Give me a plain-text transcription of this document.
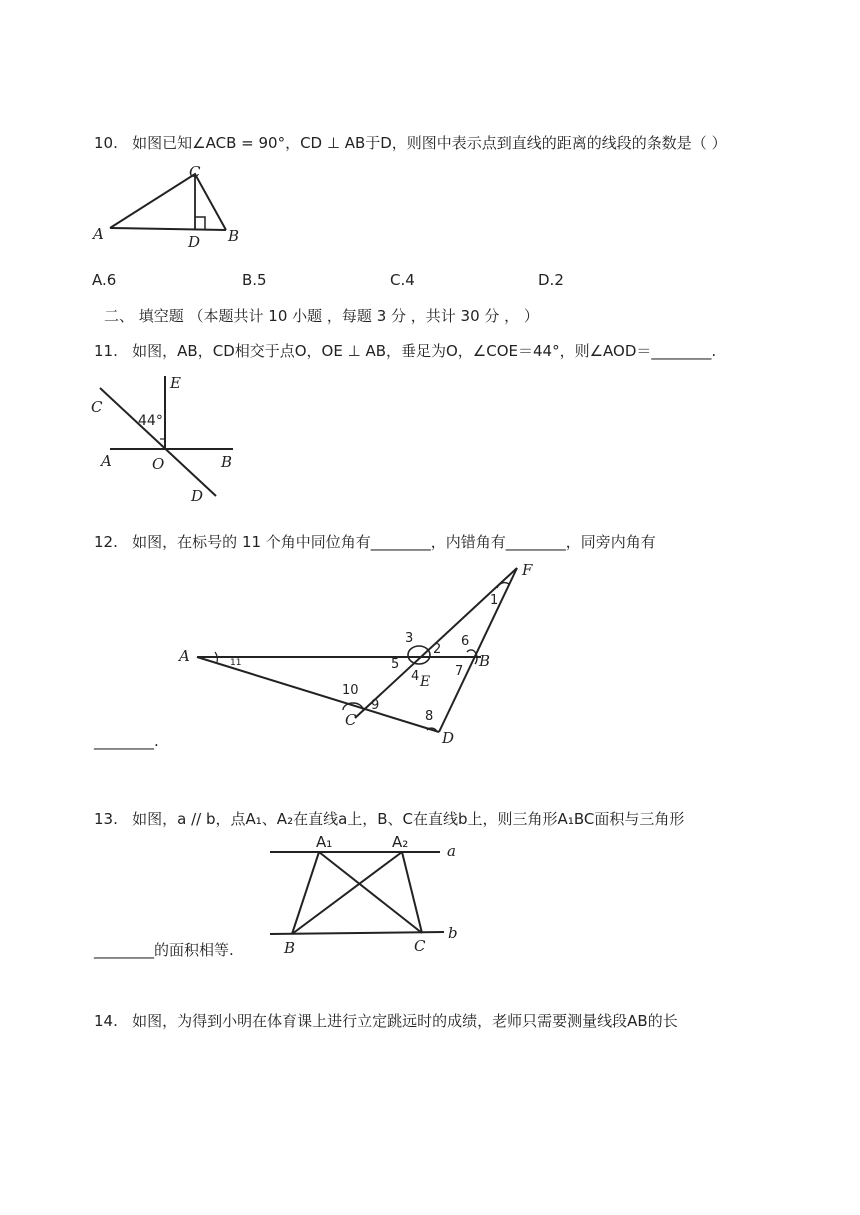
10. 如图已知∠ACB = 90°，CD ⊥ AB于D，则图中表示点到直线的距离的线段的条数是（ ）
C
A	D B
A.6	B.5	C.4	D.2
二、 填空题 （本题共计 10 小题 ，每题 3 分 ，共计 30 分 ， ）
11. 如图，AB，CD相交于点O，OE ⊥ AB，垂足为O，∠COE＝44°，则∠AOD＝________.
E
C
44°
A	O	B
D
12. 如图，在标号的 11 个角中同位角有________，内错角有________，同旁内角有
A
F
B
E
C
D
1
2
3
4
5
6
7
8
9
10
11
________.
13. 如图，a // b，点A₁、A₂在直线a上，B、C在直线b上，则三角形A₁BC面积与三角形
A₁	A₂	a
b
B	C
________的面积相等.
14. 如图，为得到小明在体育课上进行立定跳远时的成绩，老师只需要测量线段AB的长
